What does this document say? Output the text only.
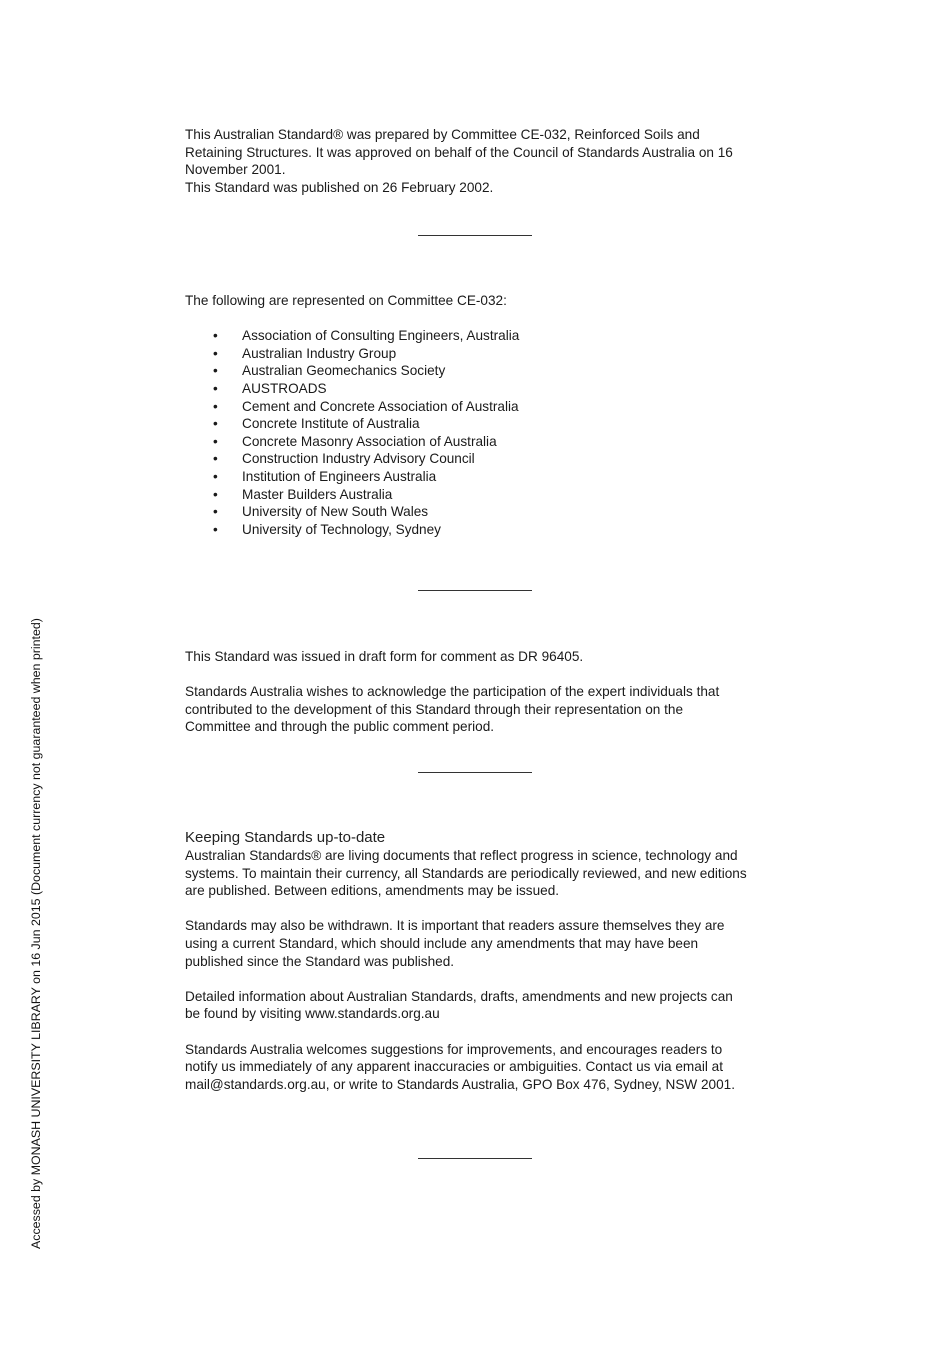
This Australian Standard® was prepared by Committee CE-032, Reinforced Soils and

Retaining Structures. It was approved on behalf of the Council of Standards Australia on 16

November 2001.

This Standard was published on 26 February 2002.

The following are represented on Committee CE-032:

• Association of Consulting Engineers, Australia
• Australian Industry Group
• Australian Geomechanics Society
• AUSTROADS
• Cement and Concrete Association of Australia
• Concrete Institute of Australia
• Concrete Masonry Association of Australia
• Construction Industry Advisory Council
• Institution of Engineers Australia
• Master Builders Australia
• University of New South Wales
• University of Technology, Sydney

This Standard was issued in draft form for comment as DR 96405.

Standards Australia wishes to acknowledge the participation of the expert individuals that

contributed to the development of this Standard through their representation on the

Committee and through the public comment period.

Keeping Standards up-to-date

Australian Standards® are living documents that reflect progress in science, technology and

systems. To maintain their currency, all Standards are periodically reviewed, and new editions

are published. Between editions, amendments may be issued.

Standards may also be withdrawn. It is important that readers assure themselves they are

using a current Standard, which should include any amendments that may have been

published since the Standard was published.

Detailed information about Australian Standards, drafts, amendments and new projects can

be found by visiting www.standards.org.au

Standards Australia welcomes suggestions for improvements, and encourages readers to

notify us immediately of any apparent inaccuracies or ambiguities. Contact us via email at

mail@standards.org.au, or write to Standards Australia, GPO Box 476, Sydney, NSW 2001.

Accessed by MONASH UNIVERSITY LIBRARY on 16 Jun 2015 (Document currency not guaranteed when printed)
